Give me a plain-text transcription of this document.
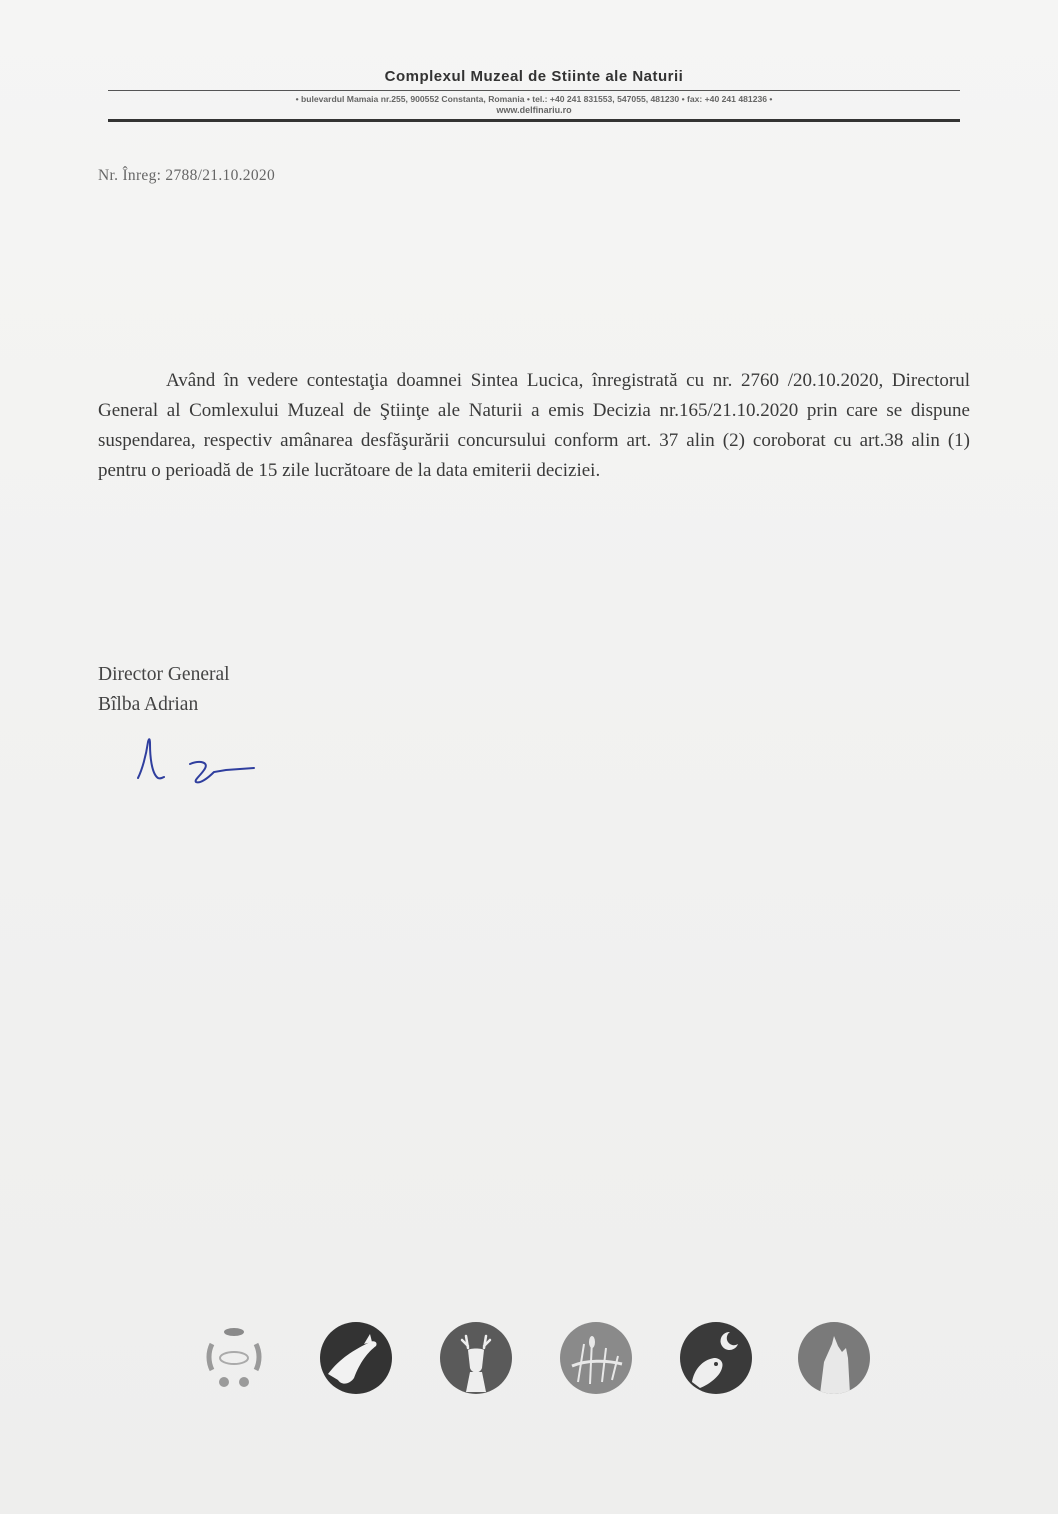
Complexul Muzeal de Stiinte ale Naturii
• bulevardul Mamaia nr.255, 900552 Constanta, Romania • tel.: +40 241 831553, 547055, 481230 • fax: +40 241 481236 •
www.delfinariu.ro
Nr. Înreg: 2788/21.10.2020
Având în vedere contestaţia doamnei Sintea Lucica, înregistrată cu nr. 2760 /20.10.2020, Directorul General al Comlexului Muzeal de Ştiinţe ale Naturii a emis Decizia nr.165/21.10.2020 prin care se dispune suspendarea, respectiv amânarea desfăşurării concursului conform art. 37 alin (2) coroborat cu art.38 alin (1) pentru o perioadă de 15 zile lucrătoare de la data emiterii deciziei.
Director General
Bîlba Adrian
